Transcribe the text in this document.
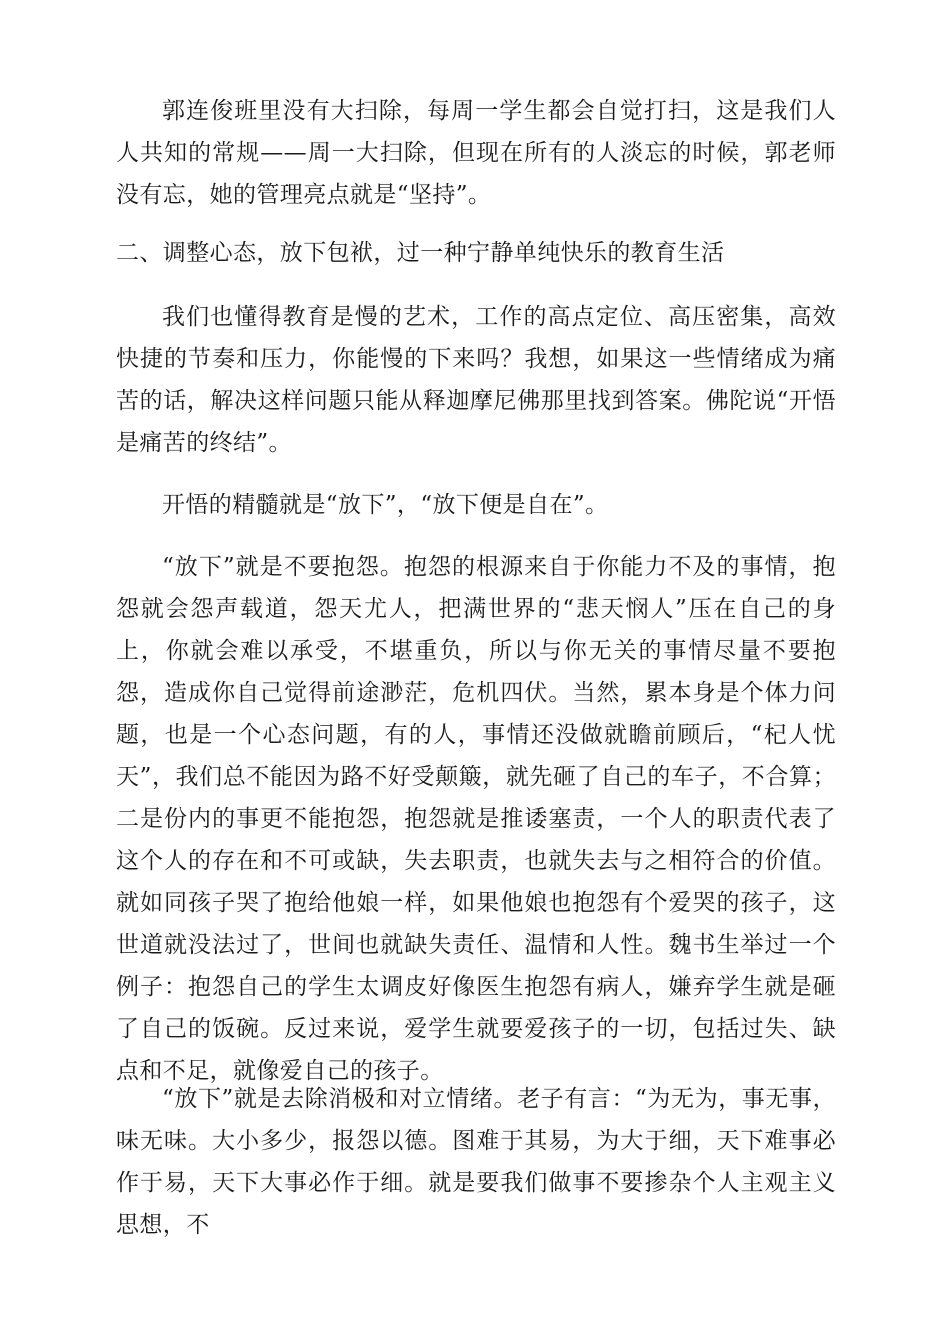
郭连俊班里没有大扫除，每周一学生都会自觉打扫，这是我们人人共知的常规——周一大扫除，但现在所有的人淡忘的时候，郭老师没有忘，她的管理亮点就是“坚持”。

二、调整心态，放下包袱，过一种宁静单纯快乐的教育生活

我们也懂得教育是慢的艺术，工作的高点定位、高压密集，高效快捷的节奏和压力，你能慢的下来吗？我想，如果这一些情绪成为痛苦的话，解决这样问题只能从释迦摩尼佛那里找到答案。佛陀说“开悟是痛苦的终结”。

开悟的精髓就是“放下”，“放下便是自在”。

“放下”就是不要抱怨。抱怨的根源来自于你能力不及的事情，抱怨就会怨声载道，怨天尤人，把满世界的“悲天悯人”压在自己的身上，你就会难以承受，不堪重负，所以与你无关的事情尽量不要抱怨，造成你自己觉得前途渺茫，危机四伏。当然，累本身是个体力问题，也是一个心态问题，有的人，事情还没做就瞻前顾后，“杞人忧天”，我们总不能因为路不好受颠簸，就先砸了自己的车子，不合算；二是份内的事更不能抱怨，抱怨就是推诿塞责，一个人的职责代表了这个人的存在和不可或缺，失去职责，也就失去与之相符合的价值。就如同孩子哭了抱给他娘一样，如果他娘也抱怨有个爱哭的孩子，这世道就没法过了，世间也就缺失责任、温情和人性。魏书生举过一个例子：抱怨自己的学生太调皮好像医生抱怨有病人，嫌弃学生就是砸了自己的饭碗。反过来说，爱学生就要爱孩子的一切，包括过失、缺点和不足，就像爱自己的孩子。

“放下”就是去除消极和对立情绪。老子有言：“为无为，事无事，味无味。大小多少，报怨以德。图难于其易，为大于细，天下难事必作于易，天下大事必作于细。就是要我们做事不要掺杂个人主观主义思想，不
